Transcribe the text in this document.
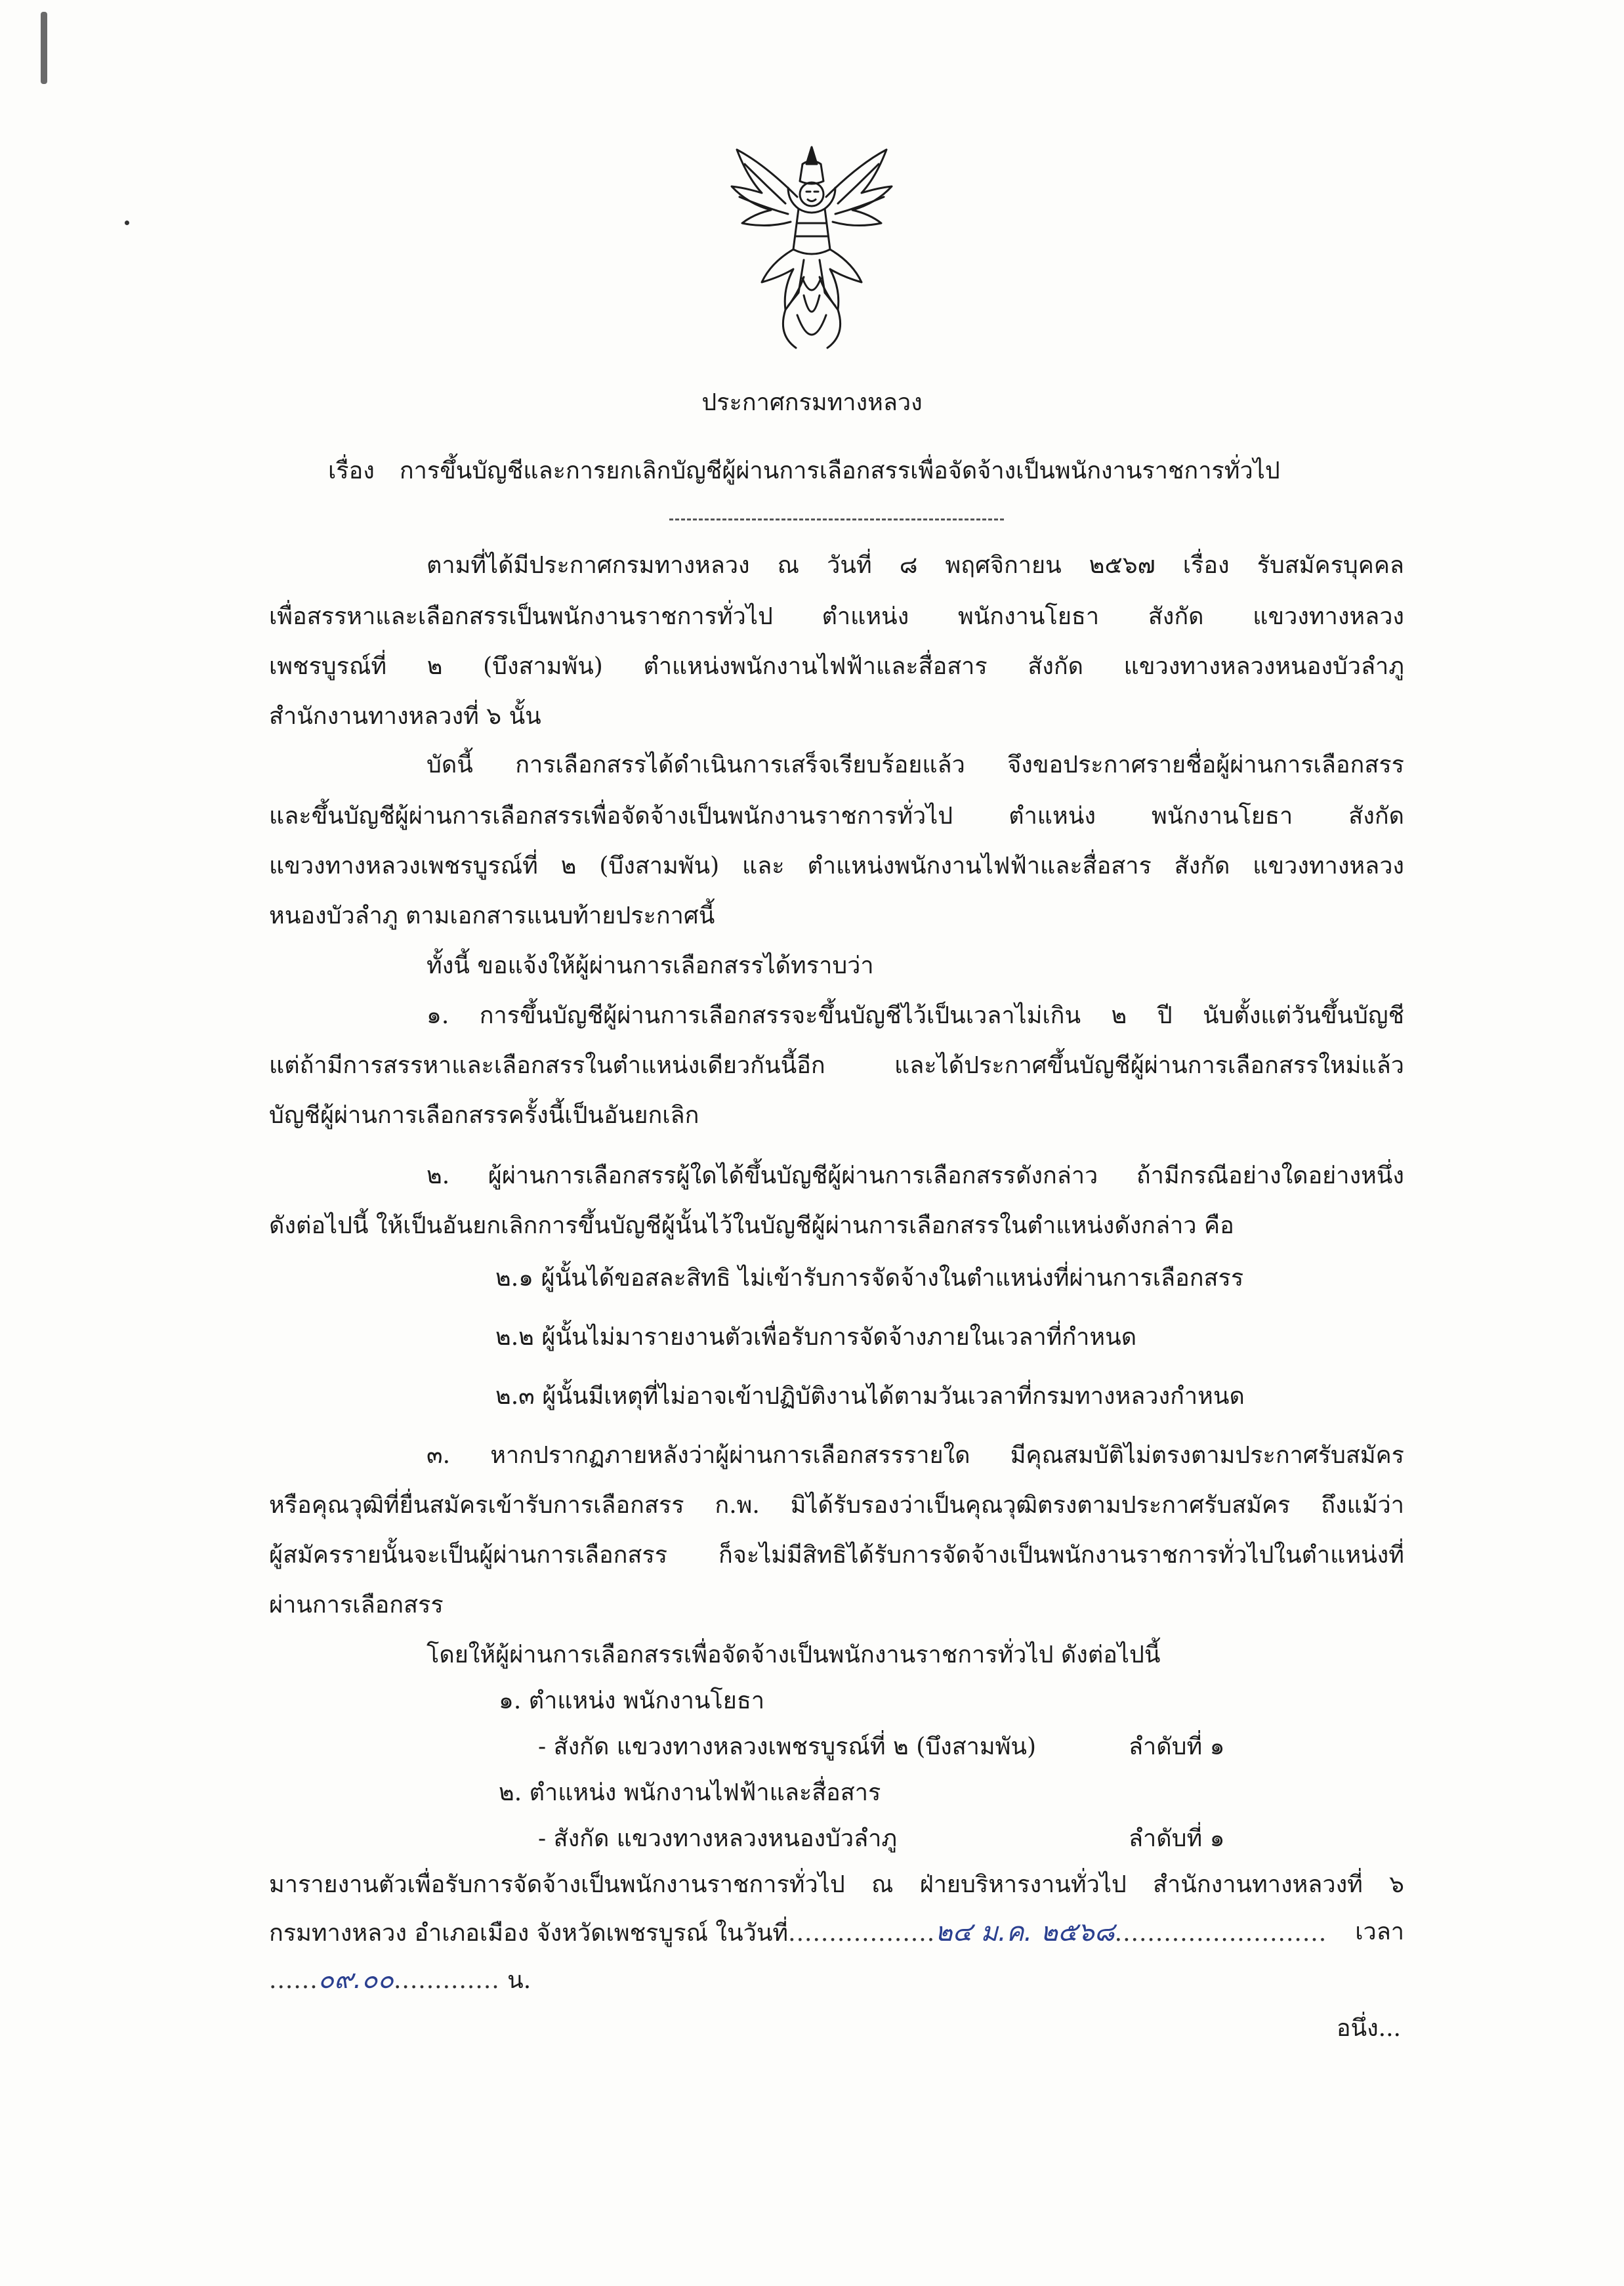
ประกาศกรมทางหลวง
เรื่อง การขึ้นบัญชีและการยกเลิกบัญชีผู้ผ่านการเลือกสรรเพื่อจัดจ้างเป็นพนักงานราชการทั่วไป
ตามที่ได้มีประกาศกรมทางหลวง ณ วันที่ ๘ พฤศจิกายน ๒๕๖๗ เรื่อง รับสมัครบุคคล
เพื่อสรรหาและเลือกสรรเป็นพนักงานราชการทั่วไป ตำแหน่ง พนักงานโยธา สังกัด แขวงทางหลวง
เพชรบูรณ์ที่ ๒ (บึงสามพัน) ตำแหน่งพนักงานไฟฟ้าและสื่อสาร สังกัด แขวงทางหลวงหนองบัวลำภู
สำนักงานทางหลวงที่ ๖ นั้น
บัดนี้ การเลือกสรรได้ดำเนินการเสร็จเรียบร้อยแล้ว จึงขอประกาศรายชื่อผู้ผ่านการเลือกสรร
และขึ้นบัญชีผู้ผ่านการเลือกสรรเพื่อจัดจ้างเป็นพนักงานราชการทั่วไป ตำแหน่ง พนักงานโยธา สังกัด
แขวงทางหลวงเพชรบูรณ์ที่ ๒ (บึงสามพัน) และ ตำแหน่งพนักงานไฟฟ้าและสื่อสาร สังกัด แขวงทางหลวง
หนองบัวลำภู ตามเอกสารแนบท้ายประกาศนี้
ทั้งนี้ ขอแจ้งให้ผู้ผ่านการเลือกสรรได้ทราบว่า
๑. การขึ้นบัญชีผู้ผ่านการเลือกสรรจะขึ้นบัญชีไว้เป็นเวลาไม่เกิน ๒ ปี นับตั้งแต่วันขึ้นบัญชี
แต่ถ้ามีการสรรหาและเลือกสรรในตำแหน่งเดียวกันนี้อีก และได้ประกาศขึ้นบัญชีผู้ผ่านการเลือกสรรใหม่แล้ว
บัญชีผู้ผ่านการเลือกสรรครั้งนี้เป็นอันยกเลิก
๒. ผู้ผ่านการเลือกสรรผู้ใดได้ขึ้นบัญชีผู้ผ่านการเลือกสรรดังกล่าว ถ้ามีกรณีอย่างใดอย่างหนึ่ง
ดังต่อไปนี้ ให้เป็นอันยกเลิกการขึ้นบัญชีผู้นั้นไว้ในบัญชีผู้ผ่านการเลือกสรรในตำแหน่งดังกล่าว คือ
๒.๑ ผู้นั้นได้ขอสละสิทธิ ไม่เข้ารับการจัดจ้างในตำแหน่งที่ผ่านการเลือกสรร
๒.๒ ผู้นั้นไม่มารายงานตัวเพื่อรับการจัดจ้างภายในเวลาที่กำหนด
๒.๓ ผู้นั้นมีเหตุที่ไม่อาจเข้าปฏิบัติงานได้ตามวันเวลาที่กรมทางหลวงกำหนด
๓. หากปรากฏภายหลังว่าผู้ผ่านการเลือกสรรรายใด มีคุณสมบัติไม่ตรงตามประกาศรับสมัคร
หรือคุณวุฒิที่ยื่นสมัครเข้ารับการเลือกสรร ก.พ. มิได้รับรองว่าเป็นคุณวุฒิตรงตามประกาศรับสมัคร ถึงแม้ว่า
ผู้สมัครรายนั้นจะเป็นผู้ผ่านการเลือกสรร ก็จะไม่มีสิทธิได้รับการจัดจ้างเป็นพนักงานราชการทั่วไปในตำแหน่งที่
ผ่านการเลือกสรร
โดยให้ผู้ผ่านการเลือกสรรเพื่อจัดจ้างเป็นพนักงานราชการทั่วไป ดังต่อไปนี้
๑. ตำแหน่ง พนักงานโยธา
- สังกัด แขวงทางหลวงเพชรบูรณ์ที่ ๒ (บึงสามพัน)	ลำดับที่ ๑
๒. ตำแหน่ง พนักงานไฟฟ้าและสื่อสาร
- สังกัด แขวงทางหลวงหนองบัวลำภู	ลำดับที่ ๑
มารายงานตัวเพื่อรับการจัดจ้างเป็นพนักงานราชการทั่วไป ณ ฝ่ายบริหารงานทั่วไป สำนักงานทางหลวงที่ ๖
กรมทางหลวง อำเภอเมือง จังหวัดเพชรบูรณ์ ในวันที่..................๒๔ ม.ค. ๒๕๖๘.......................... เวลา
......๐๙.๐๐............. น.
อนึ่ง...
